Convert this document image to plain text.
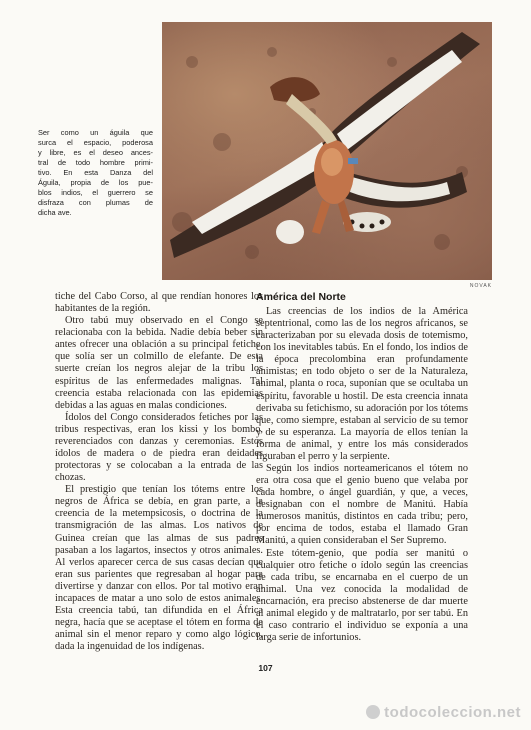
NOVAK
Ser como un águila que
surca el espacio, poderosa
y libre, es el deseo ances-
tral de todo hombre primi-
tivo. En esta Danza del
Águila, propia de los pue-
blos indios, el guerrero se
disfraza con plumas de
dicha ave.

tiche del Cabo Corso, al que rendían honores los habitantes de la región.

Otro tabú muy observado en el Congo se relacionaba con la bebida. Nadie debía beber sin antes ofrecer una oblación a su principal fetiche, que solía ser un colmillo de elefante. De esta suerte creían los negros alejar de la tribu los espíritus de las enfermedades malignas. Tal creencia estaba relacionada con las epidemias debidas a las aguas en malas condiciones.

Ídolos del Congo considerados fetiches por las tribus respectivas, eran los kissi y los bombo, reverenciados con danzas y ceremonias. Estos ídolos de madera o de piedra eran deidades protectoras y se colocaban a la entrada de las chozas.

El prestigio que tenían los tótems entre los negros de África se debía, en gran parte, a la creencia de la metempsicosis, o doctrina de la transmigración de las almas. Los nativos de Guinea creían que las almas de sus padres pasaban a los lagartos, insectos y otros animales. Al verlos aparecer cerca de sus casas decían que eran sus parientes que regresaban al hogar para divertirse y danzar con ellos. Por tal motivo eran incapaces de matar a uno solo de estos animales. Esta creencia tabú, tan difundida en el África negra, hacía que se aceptase el tótem en forma de animal sin el menor reparo y como algo lógico, dada la ingenuidad de los indígenas.

América del Norte

Las creencias de los indios de la América septentrional, como las de los negros africanos, se caracterizaban por su elevada dosis de totemismo, con los inevitables tabús. En el fondo, los indios de la época precolombina eran profundamente animistas; en todo objeto o ser de la Naturaleza, animal, planta o roca, suponían que se ocultaba un espíritu, favorable u hostil. De esta creencia innata derivaba su fetichismo, su adoración por los tótems que, como siempre, estaban al servicio de su temor y de su esperanza. La mayoría de ellos tenían la forma de animal, y entre los más considerados figuraban el perro y la serpiente.

Según los indios norteamericanos el tótem no era otra cosa que el genio bueno que velaba por cada hombre, o ángel guardián, y que, a veces, designaban con el nombre de Manitú. Había numerosos manitús, distintos en cada tribu; pero, por encima de todos, estaba el llamado Gran Manitú, a quien consideraban el Ser Supremo.

Este tótem-genio, que podía ser manitú o cualquier otro fetiche o ídolo según las creencias de cada tribu, se encarnaba en el cuerpo de un animal. Una vez conocida la modalidad de encarnación, era preciso abstenerse de dar muerte al animal elegido y de maltratarlo, por ser tabú. En el caso contrario el individuo se exponía a una larga serie de infortunios.

107
todocoleccion.net
